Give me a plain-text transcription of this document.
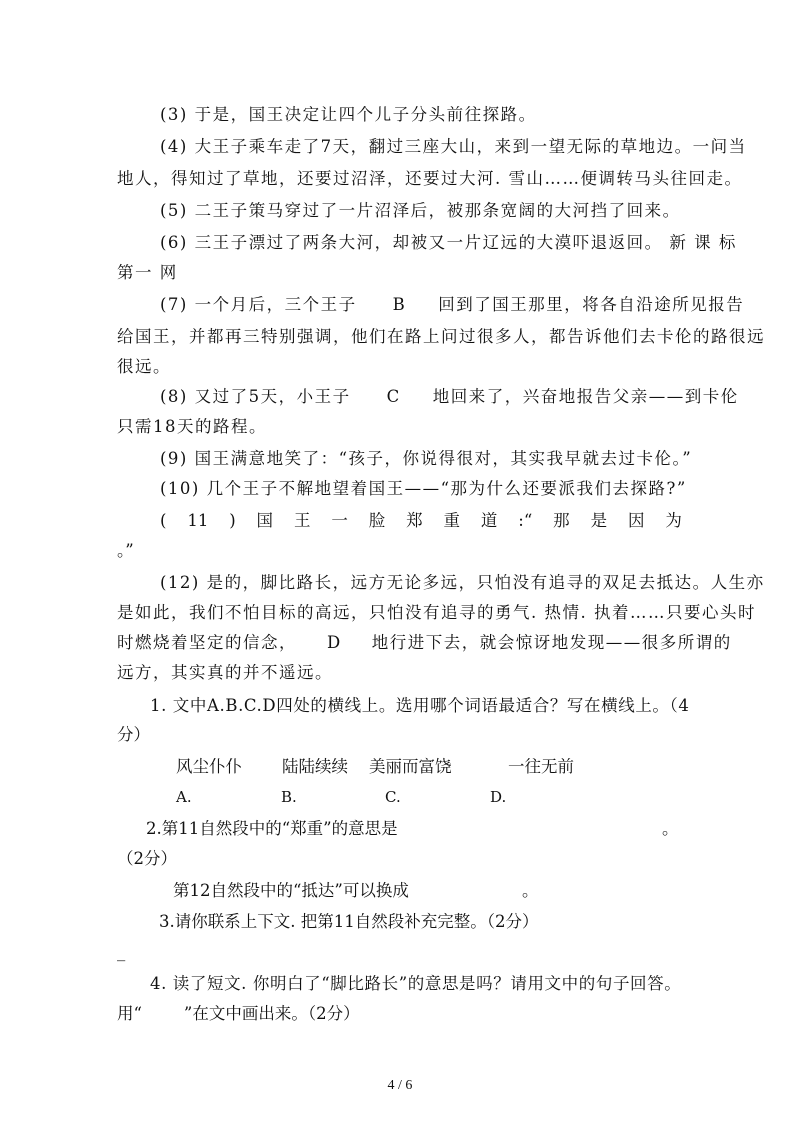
(3) 于是，国王决定让四个儿子分头前往探路。
(4) 大王子乘车走了7天，翻过三座大山，来到一望无际的草地边。一问当
地人，得知过了草地，还要过沼泽，还要过大河. 雪山……便调转马头往回走。
(5) 二王子策马穿过了一片沼泽后，被那条宽阔的大河挡了回来。
(6) 三王子漂过了两条大河，却被又一片辽远的大漠吓退返回。 新 课 标
第一 网
(7) 一个月后，三个王子 B 回到了国王那里，将各自沿途所见报告
给国王，并都再三特别强调，他们在路上问过很多人，都告诉他们去卡伦的路很远
很远。
(8) 又过了5天，小王子 C 地回来了，兴奋地报告父亲——到卡伦
只需18天的路程。
(9) 国王满意地笑了：“孩子，你说得很对，其实我早就去过卡伦。”
(10) 几个王子不解地望着国王——“那为什么还要派我们去探路?”
( 11 ) 国 王 一 脸 郑 重 道 :“ 那 是 因 为
。”
(12) 是的，脚比路长，远方无论多远，只怕没有追寻的双足去抵达。人生亦
是如此，我们不怕目标的高远，只怕没有追寻的勇气. 热情. 执着……只要心头时
时燃烧着坚定的信念， D 地行进下去，就会惊讶地发现——很多所谓的
远方，其实真的并不遥远。
1. 文中A.B.C.D四处的横线上。选用哪个词语最适合？写在横线上。（4
分）
风尘仆仆 陆陆续续 美丽而富饶	一往无前
A.	B.	C.	D.
2.第11自然段中的“郑重”的意思是	。
（2分）
第12自然段中的“抵达”可以换成	。
3.请你联系上下文. 把第11自然段补充完整。（2分）
_
4. 读了短文. 你明白了“脚比路长”的意思是吗？请用文中的句子回答。
用“        ”在文中画出来。（2分）
4 / 6
